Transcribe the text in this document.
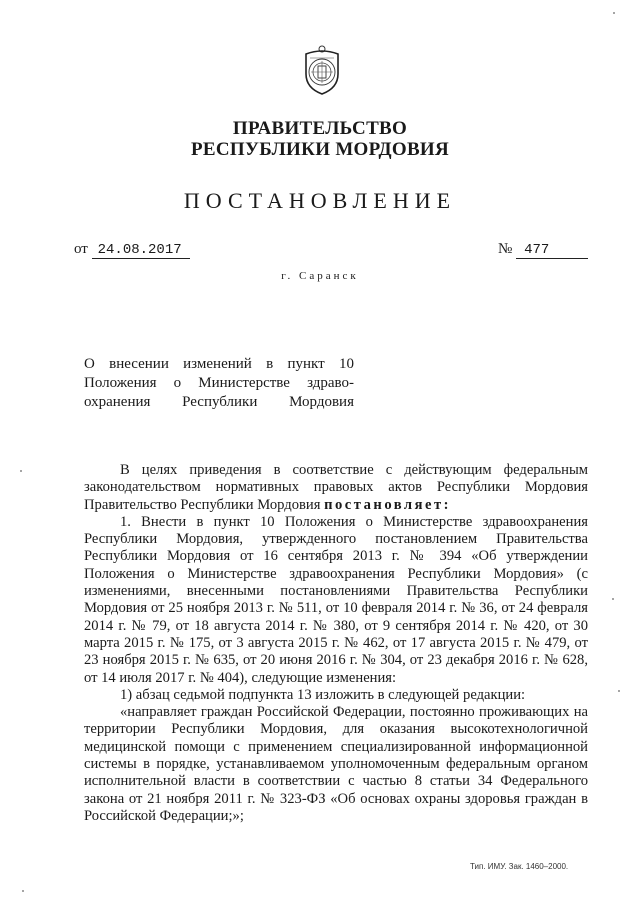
ПРАВИТЕЛЬСТВО
РЕСПУБЛИКИ МОРДОВИЯ
ПОСТАНОВЛЕНИЕ
от 24.08.2017	№ 477
г. Саранск
О внесении изменений в пункт 10
Положения о Министерстве здраво-
охранения Республики Мордовия

В целях приведения в соответствие с действующим федеральным законодательством нормативных правовых актов Республики Мордовия Правительство Республики Мордовия постановляет:

1. Внести в пункт 10 Положения о Министерстве здравоохранения Республики Мордовия, утвержденного постановлением Правительства Республики Мордовия от 16 сентября 2013 г. № 394 «Об утверждении Положения о Министерстве здравоохранения Республики Мордовия» (с изменениями, внесенными постановлениями Правительства Республики Мордовия от 25 ноября 2013 г. № 511, от 10 февраля 2014 г. № 36, от 24 февраля 2014 г. № 79, от 18 августа 2014 г. № 380, от 9 сентября 2014 г. № 420, от 30 марта 2015 г. № 175, от 3 августа 2015 г. № 462, от 17 августа 2015 г. № 479, от 23 ноября 2015 г. № 635, от 20 июня 2016 г. № 304, от 23 декабря 2016 г. № 628, от 14 июля 2017 г. № 404), следующие изменения:

1) абзац седьмой подпункта 13 изложить в следующей редакции:

«направляет граждан Российской Федерации, постоянно проживающих на территории Республики Мордовия, для оказания высокотехнологичной медицинской помощи с применением специализированной информационной системы в порядке, устанавливаемом уполномоченным федеральным органом исполнительной власти в соответствии с частью 8 статьи 34 Федерального закона от 21 ноября 2011 г. № 323-ФЗ «Об основах охраны здоровья граждан в Российской Федерации;»;

Тип. ИМУ. Зак. 1460–2000.
